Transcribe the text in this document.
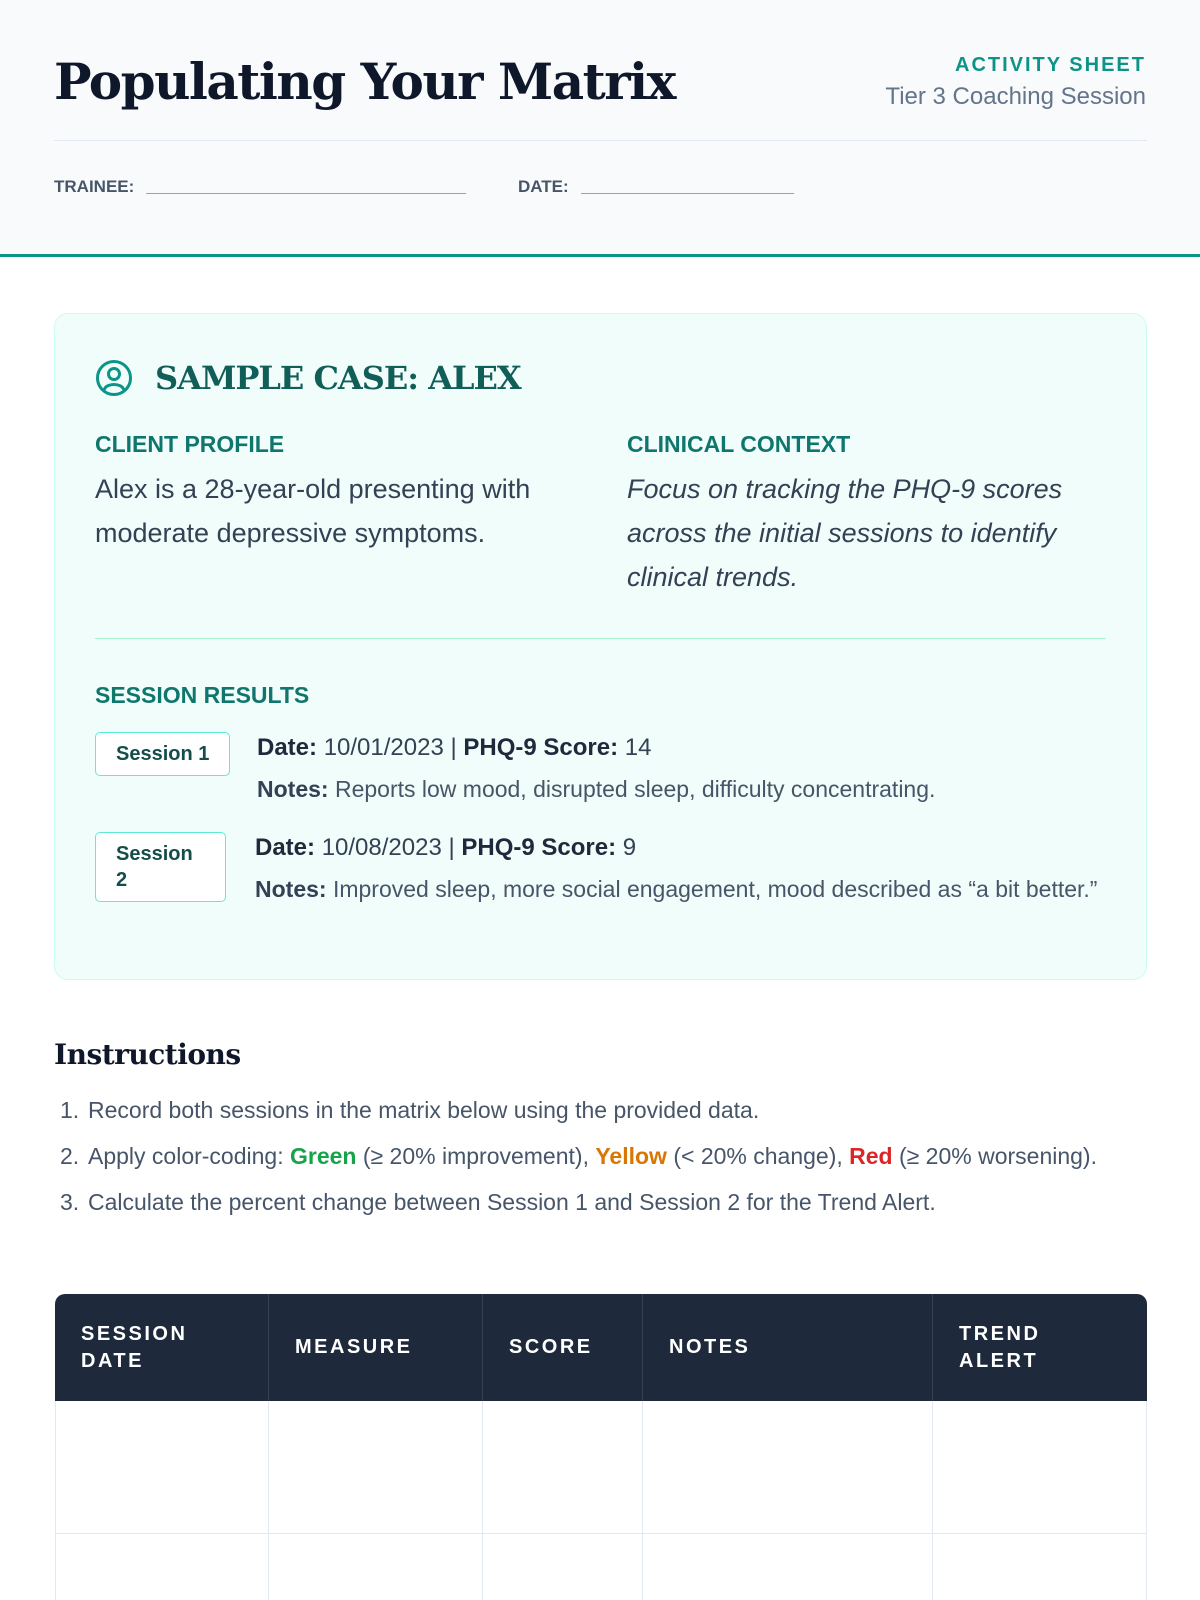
Populating Your Matrix	ACTIVITY SHEET
Tier 3 Coaching Session
TRAINEE:	DATE:
SAMPLE CASE: ALEX
CLIENT PROFILE

Alex is a 28-year-old presenting with moderate depressive symptoms.

CLINICAL CONTEXT

Focus on tracking the PHQ-9 scores across the initial sessions to identify clinical trends.

SESSION RESULTS
Session 1	Date: 10/01/2023 | PHQ-9 Score: 14
Notes: Reports low mood, disrupted sleep, difficulty concentrating.
Session 2
Date: 10/08/2023 | PHQ-9 Score: 9
Notes: Improved sleep, more social engagement, mood described as “a bit better.”
Instructions
1. Record both sessions in the matrix below using the provided data.
2. Apply color-coding: Green (≥ 20% improvement), Yellow (< 20% change), Red (≥ 20% worsening).
3. Calculate the percent change between Session 1 and Session 2 for the Trend Alert.
SESSION DATE	MEASURE	SCORE	NOTES	TREND ALERT
